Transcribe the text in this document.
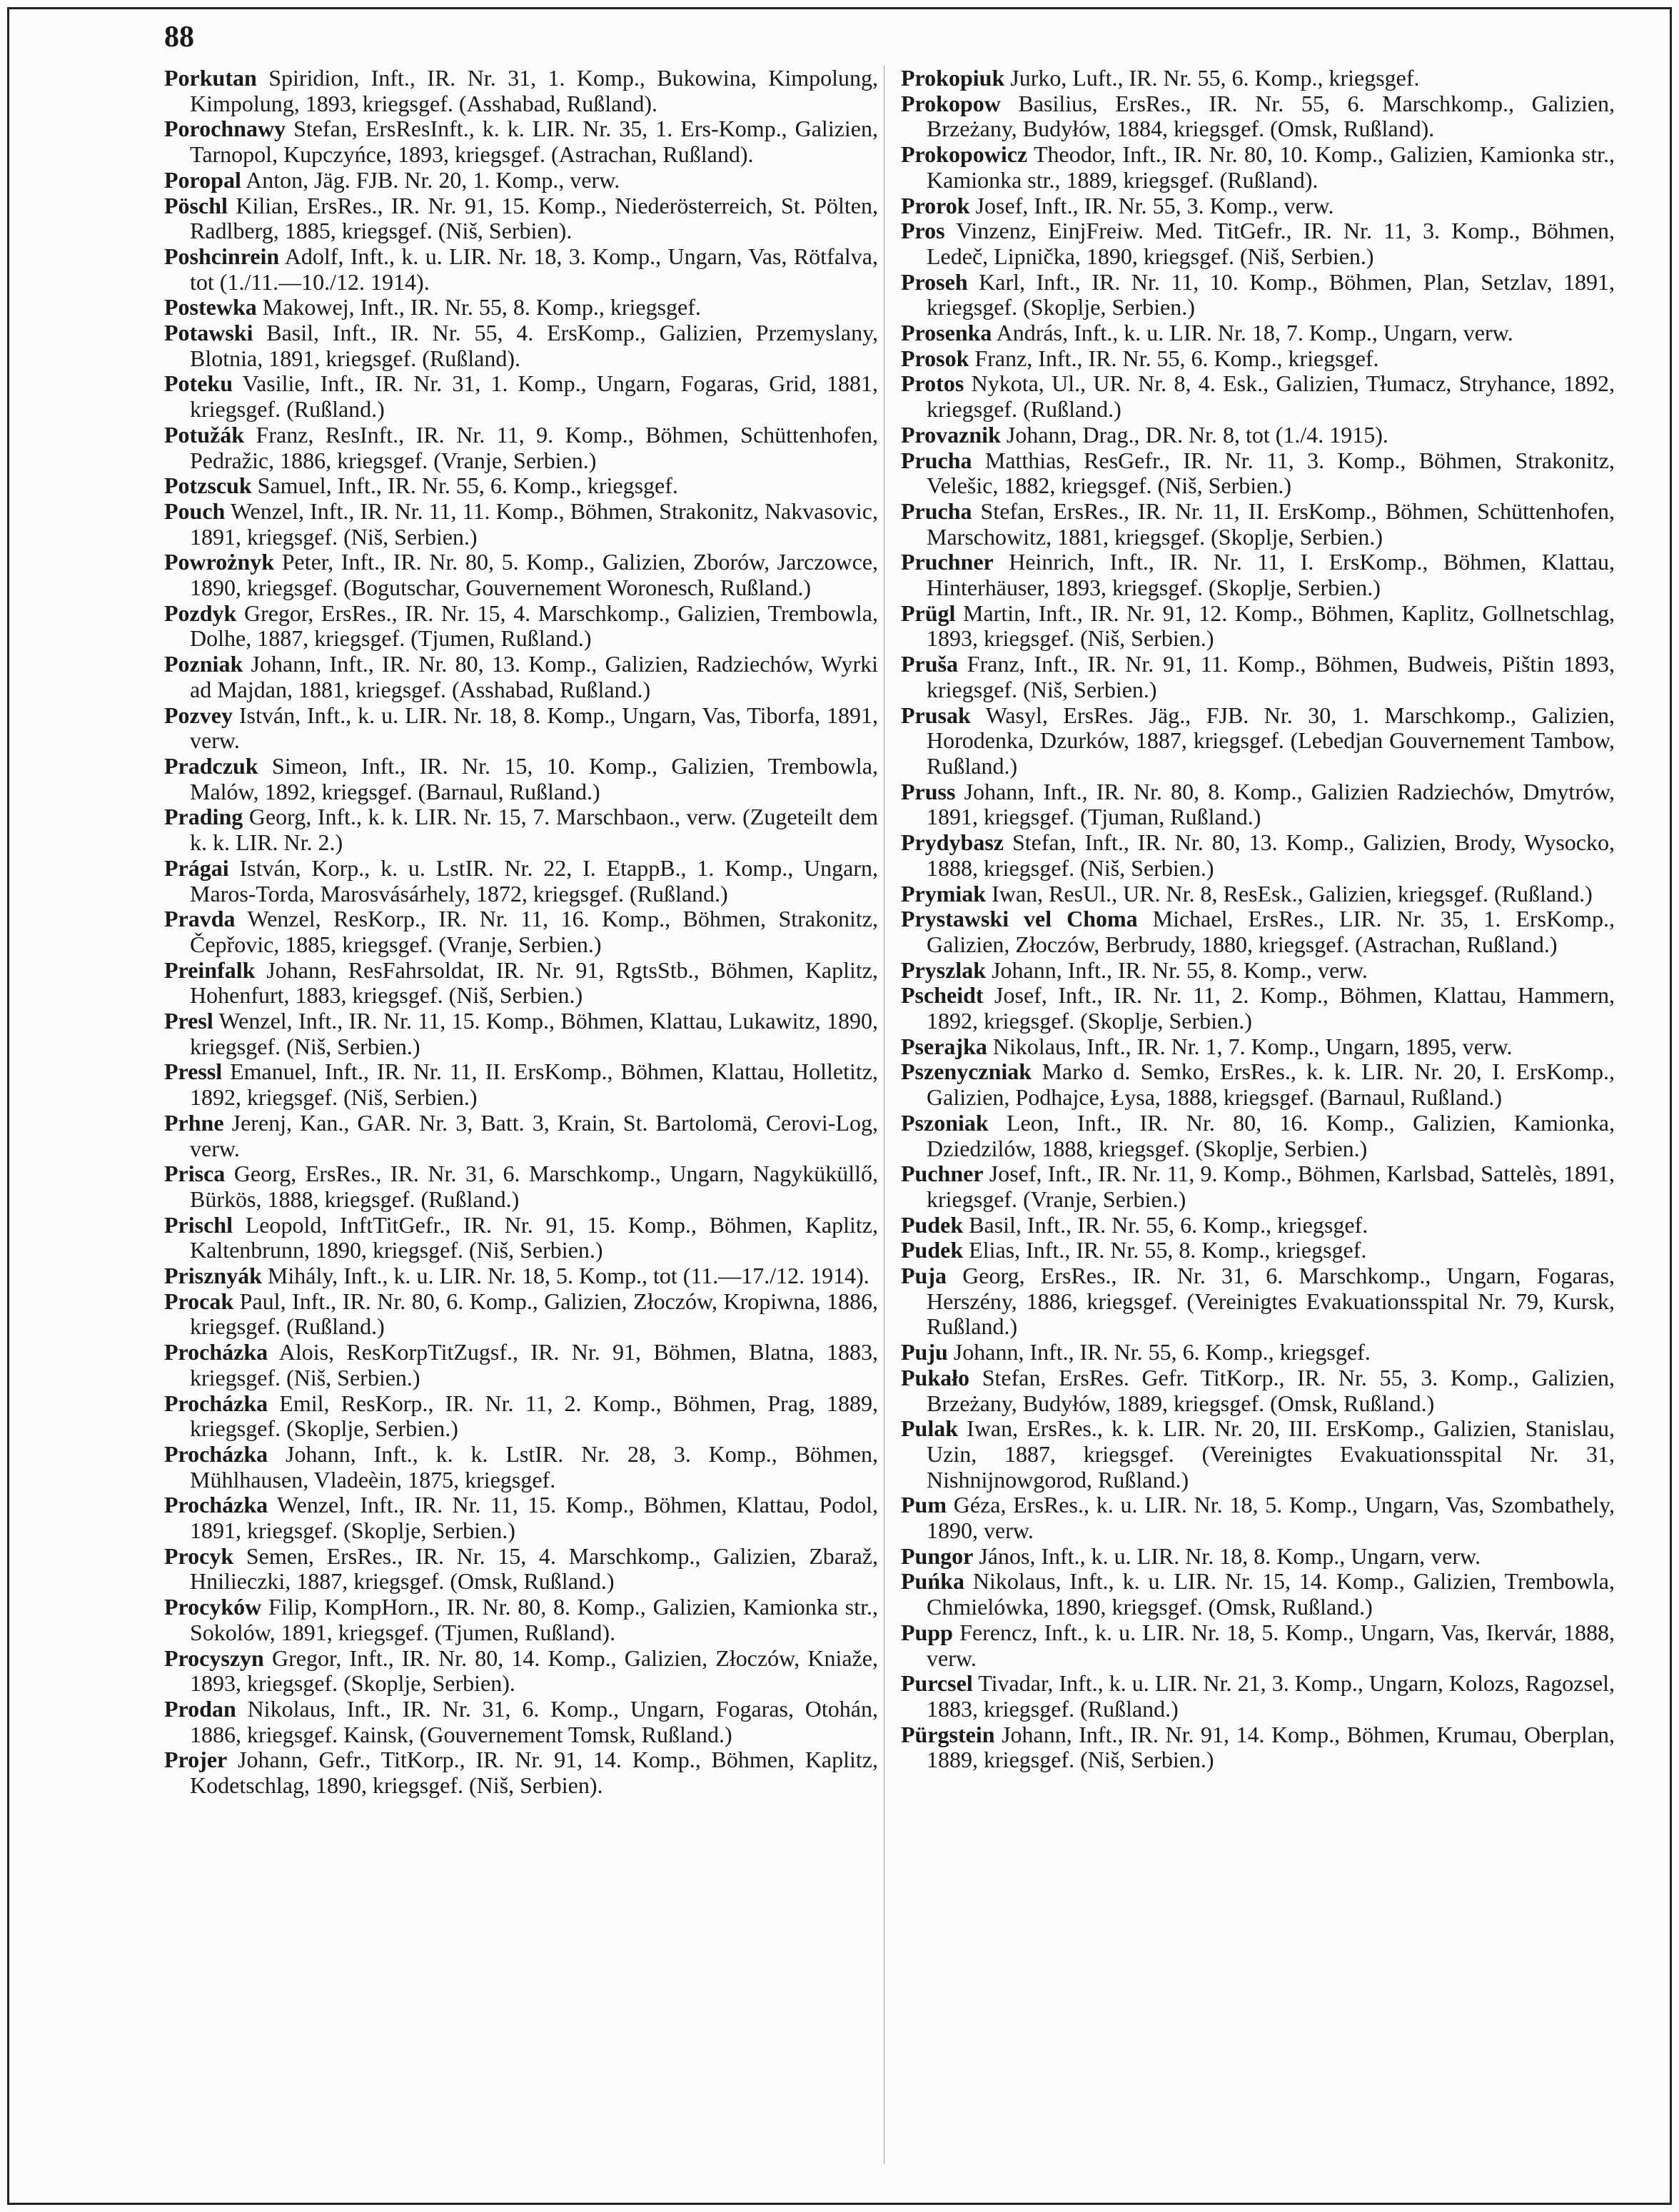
88

Porkutan Spiridion, Inft., IR. Nr. 31, 1. Komp., Bukowina, Kimpolung, Kimpolung, 1893, kriegsgef. (Asshabad, Rußland).

Porochnawy Stefan, ErsResInft., k. k. LIR. Nr. 35, 1. Ers-Komp., Galizien, Tarnopol, Kupczyńce, 1893, kriegsgef. (Astrachan, Rußland).

Poropal Anton, Jäg. FJB. Nr. 20, 1. Komp., verw.

Pöschl Kilian, ErsRes., IR. Nr. 91, 15. Komp., Niederösterreich, St. Pölten, Radlberg, 1885, kriegsgef. (Niš, Serbien).

Poshcinrein Adolf, Inft., k. u. LIR. Nr. 18, 3. Komp., Ungarn, Vas, Rötfalva, tot (1./11.—10./12. 1914).

Postewka Makowej, Inft., IR. Nr. 55, 8. Komp., kriegsgef.

Potawski Basil, Inft., IR. Nr. 55, 4. ErsKomp., Galizien, Przemyslany, Blotnia, 1891, kriegsgef. (Rußland).

Poteku Vasilie, Inft., IR. Nr. 31, 1. Komp., Ungarn, Fogaras, Grid, 1881, kriegsgef. (Rußland.)

Potužák Franz, ResInft., IR. Nr. 11, 9. Komp., Böhmen, Schüttenhofen, Pedražic, 1886, kriegsgef. (Vranje, Serbien.)

Potzscuk Samuel, Inft., IR. Nr. 55, 6. Komp., kriegsgef.

Pouch Wenzel, Inft., IR. Nr. 11, 11. Komp., Böhmen, Strakonitz, Nakvasovic, 1891, kriegsgef. (Niš, Serbien.)

Powrożnyk Peter, Inft., IR. Nr. 80, 5. Komp., Galizien, Zborów, Jarczowce, 1890, kriegsgef. (Bogutschar, Gouvernement Woronesch, Rußland.)

Pozdyk Gregor, ErsRes., IR. Nr. 15, 4. Marschkomp., Galizien, Trembowla, Dolhe, 1887, kriegsgef. (Tjumen, Rußland.)

Pozniak Johann, Inft., IR. Nr. 80, 13. Komp., Galizien, Radziechów, Wyrki ad Majdan, 1881, kriegsgef. (Asshabad, Rußland.)

Pozvey István, Inft., k. u. LIR. Nr. 18, 8. Komp., Ungarn, Vas, Tiborfa, 1891, verw.

Pradczuk Simeon, Inft., IR. Nr. 15, 10. Komp., Galizien, Trembowla, Malów, 1892, kriegsgef. (Barnaul, Rußland.)

Prading Georg, Inft., k. k. LIR. Nr. 15, 7. Marschbaon., verw. (Zugeteilt dem k. k. LIR. Nr. 2.)

Prágai István, Korp., k. u. LstIR. Nr. 22, I. EtappB., 1. Komp., Ungarn, Maros-Torda, Marosvásárhely, 1872, kriegsgef. (Rußland.)

Pravda Wenzel, ResKorp., IR. Nr. 11, 16. Komp., Böhmen, Strakonitz, Čepřovic, 1885, kriegsgef. (Vranje, Serbien.)

Preinfalk Johann, ResFahrsoldat, IR. Nr. 91, RgtsStb., Böhmen, Kaplitz, Hohenfurt, 1883, kriegsgef. (Niš, Serbien.)

Presl Wenzel, Inft., IR. Nr. 11, 15. Komp., Böhmen, Klattau, Lukawitz, 1890, kriegsgef. (Niš, Serbien.)

Pressl Emanuel, Inft., IR. Nr. 11, II. ErsKomp., Böhmen, Klattau, Holletitz, 1892, kriegsgef. (Niš, Serbien.)

Prhne Jerenj, Kan., GAR. Nr. 3, Batt. 3, Krain, St. Bartolomä, Cerovi-Log, verw.

Prisca Georg, ErsRes., IR. Nr. 31, 6. Marschkomp., Ungarn, Nagyküküllő, Bürkös, 1888, kriegsgef. (Rußland.)

Prischl Leopold, InftTitGefr., IR. Nr. 91, 15. Komp., Böhmen, Kaplitz, Kaltenbrunn, 1890, kriegsgef. (Niš, Serbien.)

Prisznyák Mihály, Inft., k. u. LIR. Nr. 18, 5. Komp., tot (11.—17./12. 1914).

Procak Paul, Inft., IR. Nr. 80, 6. Komp., Galizien, Złoczów, Kropiwna, 1886, kriegsgef. (Rußland.)

Procházka Alois, ResKorpTitZugsf., IR. Nr. 91, Böhmen, Blatna, 1883, kriegsgef. (Niš, Serbien.)

Procházka Emil, ResKorp., IR. Nr. 11, 2. Komp., Böhmen, Prag, 1889, kriegsgef. (Skoplje, Serbien.)

Procházka Johann, Inft., k. k. LstIR. Nr. 28, 3. Komp., Böhmen, Mühlhausen, Vladeèin, 1875, kriegsgef.

Procházka Wenzel, Inft., IR. Nr. 11, 15. Komp., Böhmen, Klattau, Podol, 1891, kriegsgef. (Skoplje, Serbien.)

Procyk Semen, ErsRes., IR. Nr. 15, 4. Marschkomp., Galizien, Zbaraž, Hnilieczki, 1887, kriegsgef. (Omsk, Rußland.)

Procyków Filip, KompHorn., IR. Nr. 80, 8. Komp., Galizien, Kamionka str., Sokolów, 1891, kriegsgef. (Tjumen, Rußland).

Procyszyn Gregor, Inft., IR. Nr. 80, 14. Komp., Galizien, Złoczów, Kniaže, 1893, kriegsgef. (Skoplje, Serbien).

Prodan Nikolaus, Inft., IR. Nr. 31, 6. Komp., Ungarn, Fogaras, Otohán, 1886, kriegsgef. Kainsk, (Gouvernement Tomsk, Rußland.)

Projer Johann, Gefr., TitKorp., IR. Nr. 91, 14. Komp., Böhmen, Kaplitz, Kodetschlag, 1890, kriegsgef. (Niš, Serbien).

Prokopiuk Jurko, Luft., IR. Nr. 55, 6. Komp., kriegsgef.

Prokopow Basilius, ErsRes., IR. Nr. 55, 6. Marschkomp., Galizien, Brzeżany, Budyłów, 1884, kriegsgef. (Omsk, Rußland).

Prokopowicz Theodor, Inft., IR. Nr. 80, 10. Komp., Galizien, Kamionka str., Kamionka str., 1889, kriegsgef. (Rußland).

Prorok Josef, Inft., IR. Nr. 55, 3. Komp., verw.

Pros Vinzenz, EinjFreiw. Med. TitGefr., IR. Nr. 11, 3. Komp., Böhmen, Ledeč, Lipnička, 1890, kriegsgef. (Niš, Serbien.)

Proseh Karl, Inft., IR. Nr. 11, 10. Komp., Böhmen, Plan, Setzlav, 1891, kriegsgef. (Skoplje, Serbien.)

Prosenka András, Inft., k. u. LIR. Nr. 18, 7. Komp., Ungarn, verw.

Prosok Franz, Inft., IR. Nr. 55, 6. Komp., kriegsgef.

Protos Nykota, Ul., UR. Nr. 8, 4. Esk., Galizien, Tłumacz, Stryhance, 1892, kriegsgef. (Rußland.)

Provaznik Johann, Drag., DR. Nr. 8, tot (1./4. 1915).

Prucha Matthias, ResGefr., IR. Nr. 11, 3. Komp., Böhmen, Strakonitz, Velešic, 1882, kriegsgef. (Niš, Serbien.)

Prucha Stefan, ErsRes., IR. Nr. 11, II. ErsKomp., Böhmen, Schüttenhofen, Marschowitz, 1881, kriegsgef. (Skoplje, Serbien.)

Pruchner Heinrich, Inft., IR. Nr. 11, I. ErsKomp., Böhmen, Klattau, Hinterhäuser, 1893, kriegsgef. (Skoplje, Serbien.)

Prügl Martin, Inft., IR. Nr. 91, 12. Komp., Böhmen, Kaplitz, Gollnetschlag, 1893, kriegsgef. (Niš, Serbien.)

Pruša Franz, Inft., IR. Nr. 91, 11. Komp., Böhmen, Budweis, Pištin 1893, kriegsgef. (Niš, Serbien.)

Prusak Wasyl, ErsRes. Jäg., FJB. Nr. 30, 1. Marschkomp., Galizien, Horodenka, Dzurków, 1887, kriegsgef. (Lebedjan Gouvernement Tambow, Rußland.)

Pruss Johann, Inft., IR. Nr. 80, 8. Komp., Galizien Radziechów, Dmytrów, 1891, kriegsgef. (Tjuman, Rußland.)

Prydybasz Stefan, Inft., IR. Nr. 80, 13. Komp., Galizien, Brody, Wysocko, 1888, kriegsgef. (Niš, Serbien.)

Prymiak Iwan, ResUl., UR. Nr. 8, ResEsk., Galizien, kriegsgef. (Rußland.)

Prystawski vel Choma Michael, ErsRes., LIR. Nr. 35, 1. ErsKomp., Galizien, Złoczów, Berbrudy, 1880, kriegsgef. (Astrachan, Rußland.)

Pryszlak Johann, Inft., IR. Nr. 55, 8. Komp., verw.

Pscheidt Josef, Inft., IR. Nr. 11, 2. Komp., Böhmen, Klattau, Hammern, 1892, kriegsgef. (Skoplje, Serbien.)

Pserajka Nikolaus, Inft., IR. Nr. 1, 7. Komp., Ungarn, 1895, verw.

Pszenyczniak Marko d. Semko, ErsRes., k. k. LIR. Nr. 20, I. ErsKomp., Galizien, Podhajce, Łysa, 1888, kriegsgef. (Barnaul, Rußland.)

Pszoniak Leon, Inft., IR. Nr. 80, 16. Komp., Galizien, Kamionka, Dziedzilów, 1888, kriegsgef. (Skoplje, Serbien.)

Puchner Josef, Inft., IR. Nr. 11, 9. Komp., Böhmen, Karlsbad, Sattelès, 1891, kriegsgef. (Vranje, Serbien.)

Pudek Basil, Inft., IR. Nr. 55, 6. Komp., kriegsgef.

Pudek Elias, Inft., IR. Nr. 55, 8. Komp., kriegsgef.

Puja Georg, ErsRes., IR. Nr. 31, 6. Marschkomp., Ungarn, Fogaras, Herszény, 1886, kriegsgef. (Vereinigtes Evakuationsspital Nr. 79, Kursk, Rußland.)

Puju Johann, Inft., IR. Nr. 55, 6. Komp., kriegsgef.

Pukało Stefan, ErsRes. Gefr. TitKorp., IR. Nr. 55, 3. Komp., Galizien, Brzeżany, Budyłów, 1889, kriegsgef. (Omsk, Rußland.)

Pulak Iwan, ErsRes., k. k. LIR. Nr. 20, III. ErsKomp., Galizien, Stanislau, Uzin, 1887, kriegsgef. (Vereinigtes Evakuationsspital Nr. 31, Nishnijnowgorod, Rußland.)

Pum Géza, ErsRes., k. u. LIR. Nr. 18, 5. Komp., Ungarn, Vas, Szombathely, 1890, verw.

Pungor János, Inft., k. u. LIR. Nr. 18, 8. Komp., Ungarn, verw.

Puńka Nikolaus, Inft., k. u. LIR. Nr. 15, 14. Komp., Galizien, Trembowla, Chmielówka, 1890, kriegsgef. (Omsk, Rußland.)

Pupp Ferencz, Inft., k. u. LIR. Nr. 18, 5. Komp., Ungarn, Vas, Ikervár, 1888, verw.

Purcsel Tivadar, Inft., k. u. LIR. Nr. 21, 3. Komp., Ungarn, Kolozs, Ragozsel, 1883, kriegsgef. (Rußland.)

Pürgstein Johann, Inft., IR. Nr. 91, 14. Komp., Böhmen, Krumau, Oberplan, 1889, kriegsgef. (Niš, Serbien.)
